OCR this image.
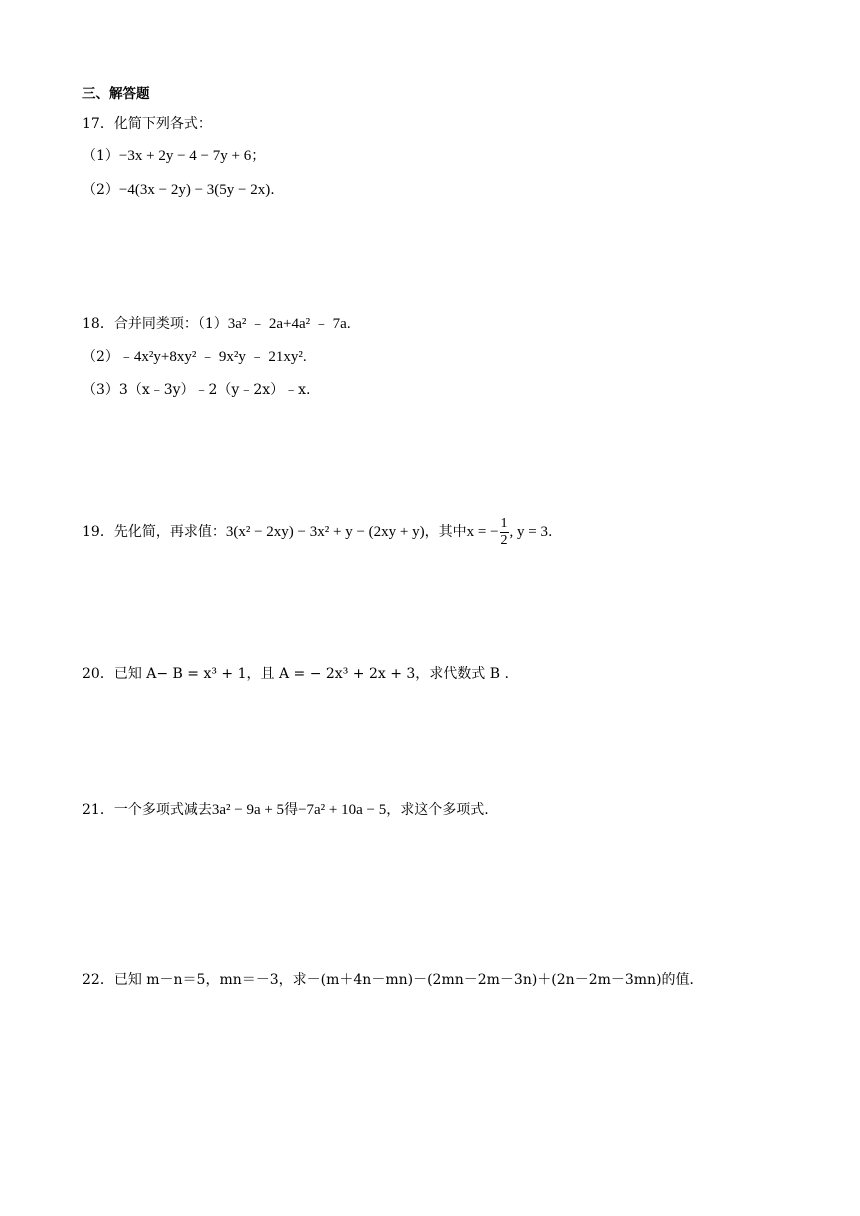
三、解答题
17．化简下列各式：
（1）−3x + 2y − 4 − 7y + 6；
（2）−4(3x − 2y) − 3(5y − 2x).
18．合并同类项：（1）3a² ﹣ 2a+4a² ﹣ 7a.
（2）﹣4x²y+8xy² ﹣ 9x²y ﹣ 21xy².
（3）3（x﹣3y）﹣2（y﹣2x）﹣x.
19．先化简，再求值：3(x² − 2xy) − 3x² + y − (2xy + y)，其中x = − $\frac{1}{2}$ , y = 3.
20．已知 A− B = x³ + 1，且 A = − 2x³ + 2x + 3，求代数式 B .
21．一个多项式减去3a² − 9a + 5得−7a² + 10a − 5，求这个多项式.
22．已知 m－n＝5，mn＝－3，求－(m＋4n－mn)－(2mn－2m－3n)＋(2n－2m－3mn)的值．
